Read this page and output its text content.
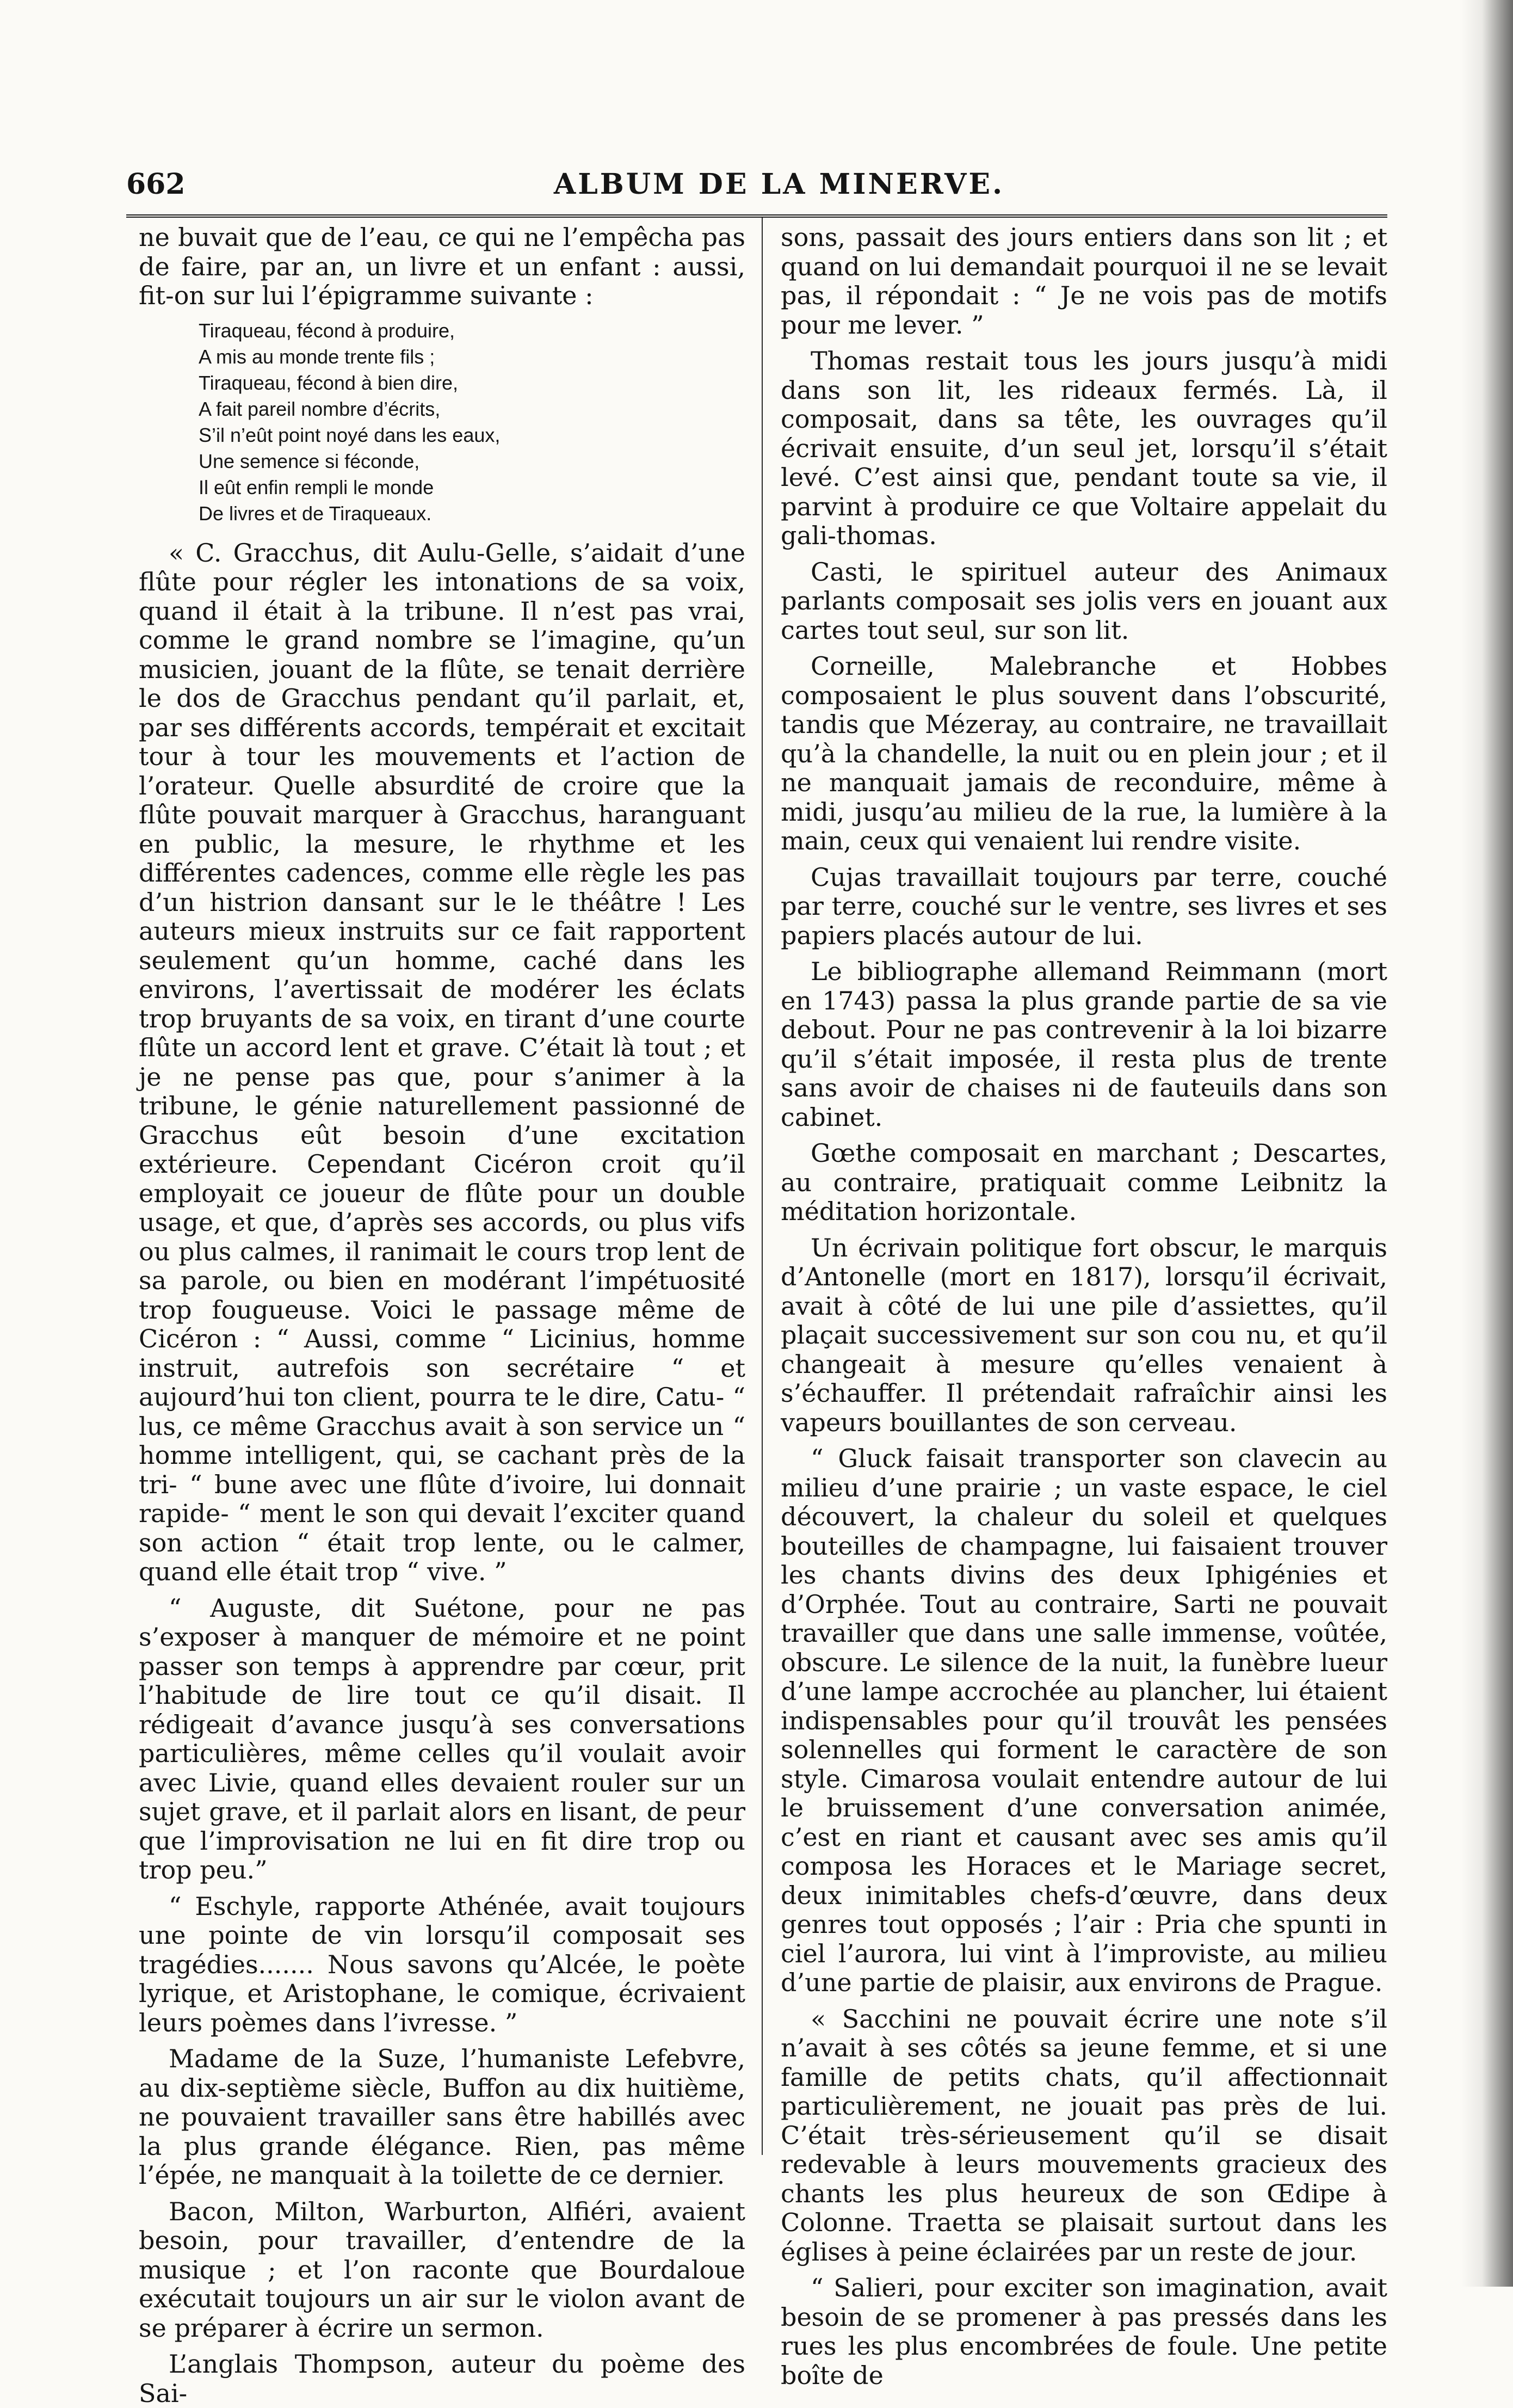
662	ALBUM DE LA MINERVE.

ne buvait que de l’eau, ce qui ne l’empêcha pas de faire, par an, un livre et un enfant : aussi, fit-on sur lui l’épigramme suivante :

Tiraqueau, fécond à produire,
A mis au monde trente fils ;
Tiraqueau, fécond à bien dire,
A fait pareil nombre d’écrits,
S’il n’eût point noyé dans les eaux,
Une semence si féconde,
Il eût enfin rempli le monde
De livres et de Tiraqueaux.

« C. Gracchus, dit Aulu-Gelle, s’aidait d’une flûte pour régler les intonations de sa voix, quand il était à la tribune. Il n’est pas vrai, comme le grand nombre se l’imagine, qu’un musicien, jouant de la flûte, se tenait derrière le dos de Gracchus pendant qu’il parlait, et, par ses différents accords, tempérait et excitait tour à tour les mouvements et l’action de l’orateur. Quelle absurdité de croire que la flûte pouvait marquer à Gracchus, haranguant en public, la mesure, le rhythme et les différentes cadences, comme elle règle les pas d’un histrion dansant sur le le théâtre ! Les auteurs mieux instruits sur ce fait rapportent seulement qu’un homme, caché dans les environs, l’avertissait de modérer les éclats trop bruyants de sa voix, en tirant d’une courte flûte un accord lent et grave. C’était là tout ; et je ne pense pas que, pour s’animer à la tribune, le génie naturellement passionné de Gracchus eût besoin d’une excitation extérieure. Cependant Cicéron croit qu’il employait ce joueur de flûte pour un double usage, et que, d’après ses accords, ou plus vifs ou plus calmes, il ranimait le cours trop lent de sa parole, ou bien en modérant l’impétuosité trop fougueuse. Voici le passage même de Cicéron : “ Aussi, comme “ Licinius, homme instruit, autrefois son secrétaire “ et aujourd’hui ton client, pourra te le dire, Catu- “ lus, ce même Gracchus avait à son service un “ homme intelligent, qui, se cachant près de la tri- “ bune avec une flûte d’ivoire, lui donnait rapide- “ ment le son qui devait l’exciter quand son action “ était trop lente, ou le calmer, quand elle était trop “ vive. ”

“ Auguste, dit Suétone, pour ne pas s’exposer à manquer de mémoire et ne point passer son temps à apprendre par cœur, prit l’habitude de lire tout ce qu’il disait. Il rédigeait d’avance jusqu’à ses conversations particulières, même celles qu’il voulait avoir avec Livie, quand elles devaient rouler sur un sujet grave, et il parlait alors en lisant, de peur que l’improvisation ne lui en fit dire trop ou trop peu.”

“ Eschyle, rapporte Athénée, avait toujours une pointe de vin lorsqu’il composait ses tragédies....... Nous savons qu’Alcée, le poète lyrique, et Aristophane, le comique, écrivaient leurs poèmes dans l’ivresse. ”

Madame de la Suze, l’humaniste Lefebvre, au dix-septième siècle, Buffon au dix huitième, ne pouvaient travailler sans être habillés avec la plus grande élégance. Rien, pas même l’épée, ne manquait à la toilette de ce dernier.

Bacon, Milton, Warburton, Alfiéri, avaient besoin, pour travailler, d’entendre de la musique ; et l’on raconte que Bourdaloue exécutait toujours un air sur le violon avant de se préparer à écrire un sermon.

L’anglais Thompson, auteur du poème des Sai-

sons, passait des jours entiers dans son lit ; et quand on lui demandait pourquoi il ne se levait pas, il répondait : “ Je ne vois pas de motifs pour me lever. ”

Thomas restait tous les jours jusqu’à midi dans son lit, les rideaux fermés. Là, il composait, dans sa tête, les ouvrages qu’il écrivait ensuite, d’un seul jet, lorsqu’il s’était levé. C’est ainsi que, pendant toute sa vie, il parvint à produire ce que Voltaire appelait du gali-thomas.

Casti, le spirituel auteur des Animaux parlants composait ses jolis vers en jouant aux cartes tout seul, sur son lit.

Corneille, Malebranche et Hobbes composaient le plus souvent dans l’obscurité, tandis que Mézeray, au contraire, ne travaillait qu’à la chandelle, la nuit ou en plein jour ; et il ne manquait jamais de reconduire, même à midi, jusqu’au milieu de la rue, la lumière à la main, ceux qui venaient lui rendre visite.

Cujas travaillait toujours par terre, couché par terre, couché sur le ventre, ses livres et ses papiers placés autour de lui.

Le bibliographe allemand Reimmann (mort en 1743) passa la plus grande partie de sa vie debout. Pour ne pas contrevenir à la loi bizarre qu’il s’était imposée, il resta plus de trente sans avoir de chaises ni de fauteuils dans son cabinet.

Gœthe composait en marchant ; Descartes, au contraire, pratiquait comme Leibnitz la méditation horizontale.

Un écrivain politique fort obscur, le marquis d’Antonelle (mort en 1817), lorsqu’il écrivait, avait à côté de lui une pile d’assiettes, qu’il plaçait successivement sur son cou nu, et qu’il changeait à mesure qu’elles venaient à s’échauffer. Il prétendait rafraîchir ainsi les vapeurs bouillantes de son cerveau.

“ Gluck faisait transporter son clavecin au milieu d’une prairie ; un vaste espace, le ciel découvert, la chaleur du soleil et quelques bouteilles de champagne, lui faisaient trouver les chants divins des deux Iphigénies et d’Orphée. Tout au contraire, Sarti ne pouvait travailler que dans une salle immense, voûtée, obscure. Le silence de la nuit, la funèbre lueur d’une lampe accrochée au plancher, lui étaient indispensables pour qu’il trouvât les pensées solennelles qui forment le caractère de son style. Cimarosa voulait entendre autour de lui le bruissement d’une conversation animée, c’est en riant et causant avec ses amis qu’il composa les Horaces et le Mariage secret, deux inimitables chefs-d’œuvre, dans deux genres tout opposés ; l’air : Pria che spunti in ciel l’aurora, lui vint à l’improviste, au milieu d’une partie de plaisir, aux environs de Prague.

« Sacchini ne pouvait écrire une note s’il n’avait à ses côtés sa jeune femme, et si une famille de petits chats, qu’il affectionnait particulièrement, ne jouait pas près de lui. C’était très-sérieusement qu’il se disait redevable à leurs mouvements gracieux des chants les plus heureux de son Œdipe à Colonne. Traetta se plaisait surtout dans les églises à peine éclairées par un reste de jour.

“ Salieri, pour exciter son imagination, avait besoin de se promener à pas pressés dans les rues les plus encombrées de foule. Une petite boîte de
